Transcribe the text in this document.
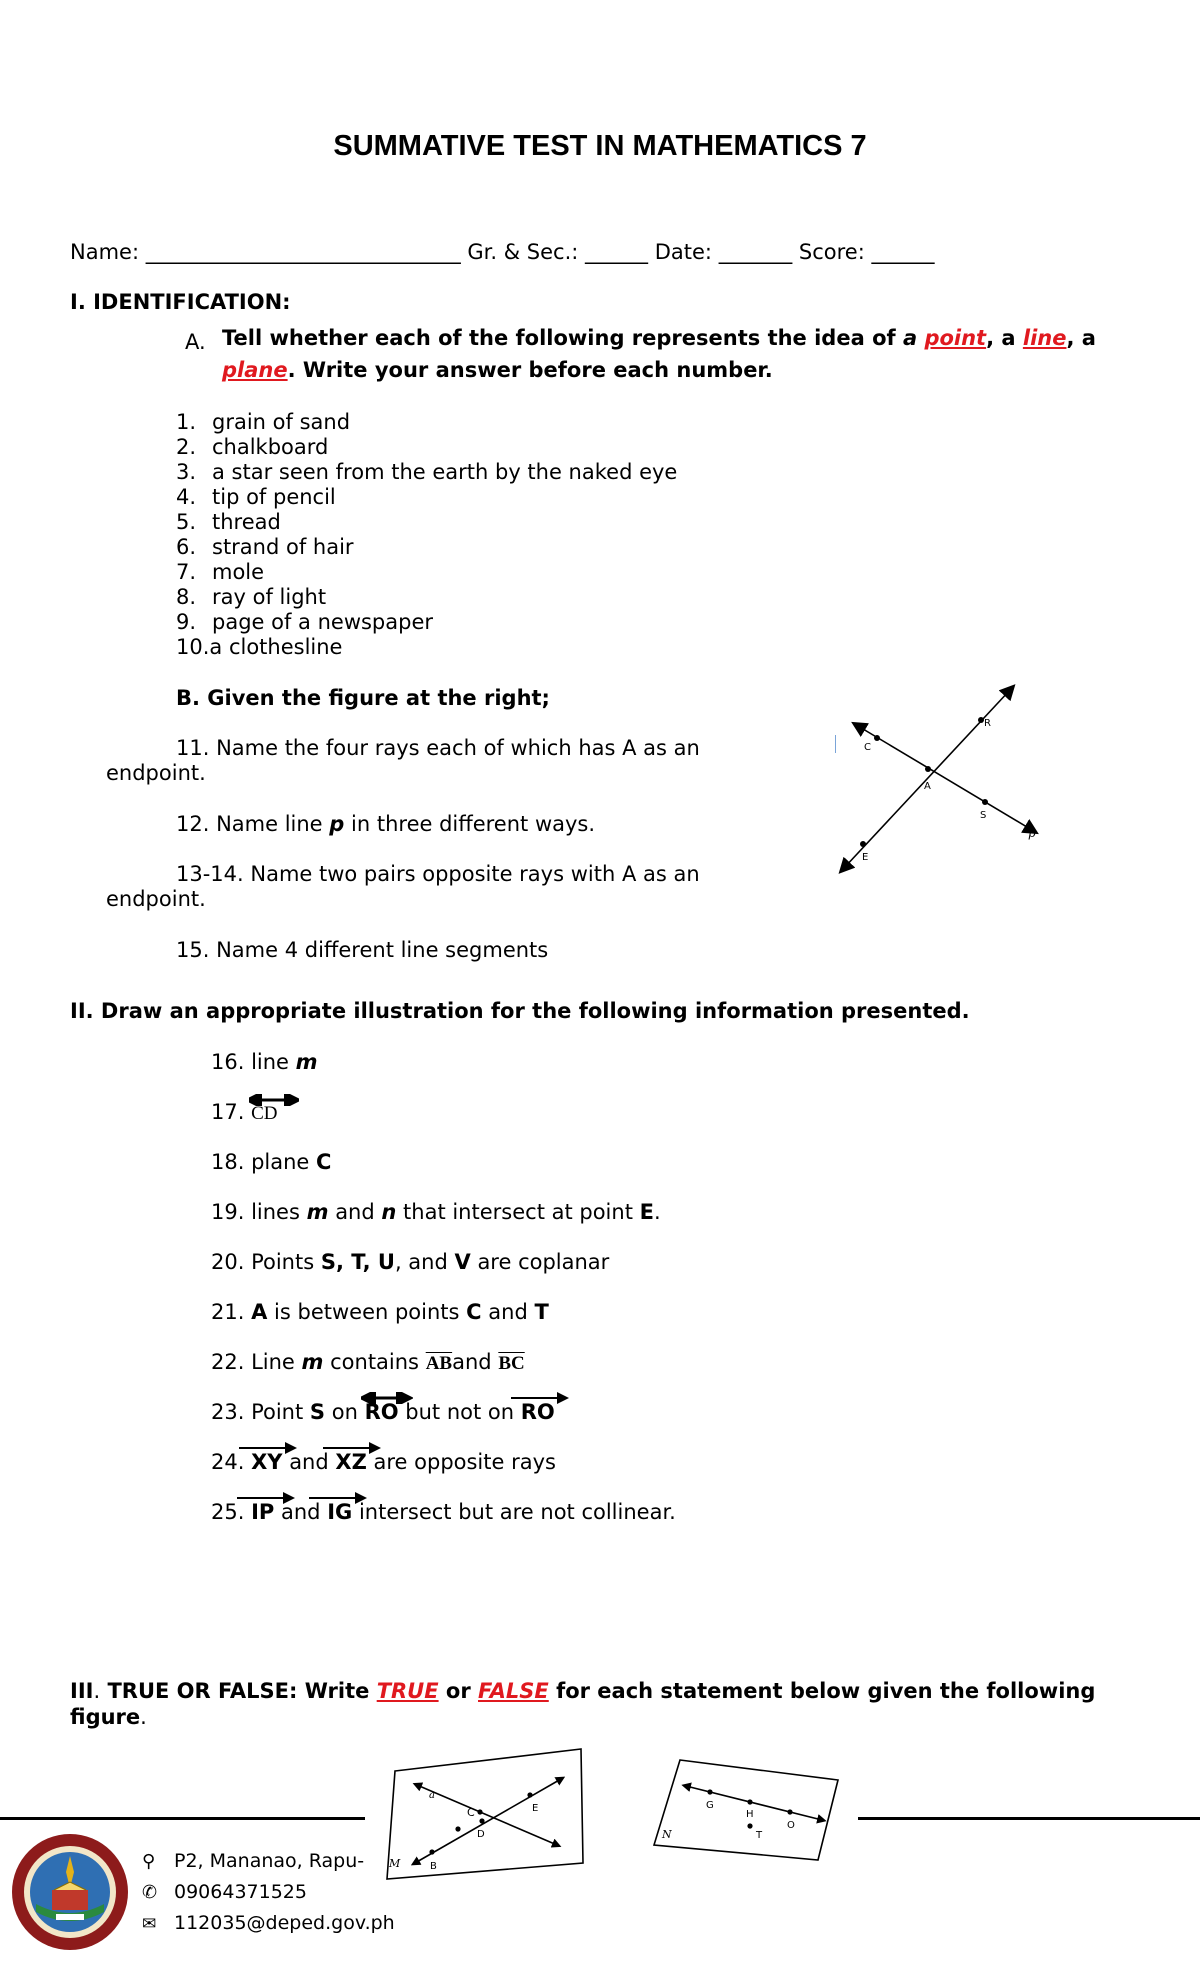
SUMMATIVE TEST IN MATHEMATICS 7
Name: ______________________________ Gr. & Sec.: ______ Date: _______ Score: ______
I. IDENTIFICATION:
A. Tell whether each of the following represents the idea of a point, a line, a
plane. Write your answer before each number.
1. grain of sand
2. chalkboard
3. a star seen from the earth by the naked eye
4. tip of pencil
5. thread
6. strand of hair
7. mole
8. ray of light
9. page of a newspaper
10.a clothesline
B. Given the figure at the right;
11. Name the four rays each of which has A as an
endpoint.
12. Name line p in three different ways.
13-14. Name two pairs opposite rays with A as an
endpoint.
15. Name 4 different line segments
R
C
A
S
p
E
II. Draw an appropriate illustration for the following information presented.
16. line m
17. CD
18. plane C
19. lines m and n that intersect at point E.
20. Points S, T, U, and V are coplanar
21. A is between points C and T
22. Line m contains $\overline{AB}and$ $\overline{BC}$
23. Point S on RO but not on RO
24. XY and XZ are opposite rays
25. IP and IG intersect but are not collinear.
III. TRUE OR FALSE: Write TRUE or FALSE for each statement below given the following
figure.
a
C	E
D
B
M
G
H
O
T
N
⚲ P2, Mananao, Rapu-
✆ 09064371525
✉ 112035@deped.gov.ph
